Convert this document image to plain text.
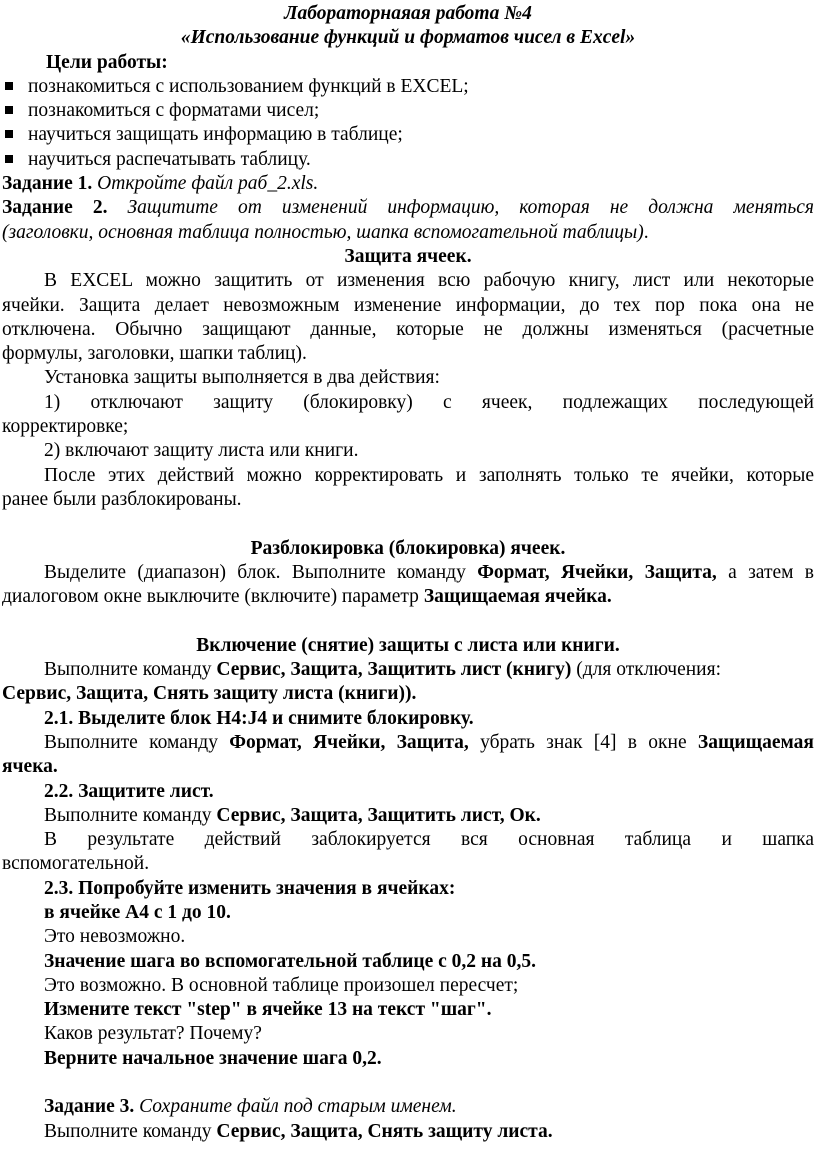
Лабораторнаяая работа №4
«Использование функций и форматов чисел в Excel»
Цели работы:
познакомиться с использованием функций в EXCEL;
познакомиться с форматами чисел;
научиться защищать информацию в таблице;
научиться распечатывать таблицу.
Задание 1. Откройте файл раб_2.xls.
Задание 2. Защитите от изменений информацию, которая не должна меняться
(заголовки, основная таблица полностью, шапка вспомогательной таблицы).
Защита ячеек.
В EXCEL можно защитить от изменения всю рабочую книгу, лист или некоторые
ячейки. Защита делает невозможным изменение информации, до тех пор пока она не
отключена. Обычно защищают данные, которые не должны изменяться (расчетные
формулы, заголовки, шапки таблиц).
Установка защиты выполняется в два действия:
1) отключают защиту (блокировку) с ячеек, подлежащих последующей
корректировке;
2) включают защиту листа или книги.
После этих действий можно корректировать и заполнять только те ячейки, которые
ранее были разблокированы.
Разблокировка (блокировка) ячеек.
Выделите (диапазон) блок. Выполните команду Формат, Ячейки, Защита, а затем в
диалоговом окне выключите (включите) параметр Защищаемая ячейка.
Включение (снятие) защиты с листа или книги.
Выполните команду Сервис, Защита, Защитить лист (книгу) (для отключения:
Сервис, Защита, Снять защиту листа (книги)).
2.1. Выделите блок H4:J4 и снимите блокировку.
Выполните команду Формат, Ячейки, Защита, убрать знак [4] в окне Защищаемая
ячека.
2.2. Защитите лист.
Выполните команду Сервис, Защита, Защитить лист, Ок.
В результате действий заблокируется вся основная таблица и шапка
вспомогательной.
2.3. Попробуйте изменить значения в ячейках:
в ячейке А4 с 1 до 10.
Это невозможно.
Значение шага во вспомогательной таблице с 0,2 на 0,5.
Это возможно. В основной таблице произошел пересчет;
Измените текст "step" в ячейке 13 на текст "шаг".
Каков результат? Почему?
Верните начальное значение шага 0,2.
Задание 3. Сохраните файл под старым именем.
Выполните команду Сервис, Защита, Снять защиту листа.
